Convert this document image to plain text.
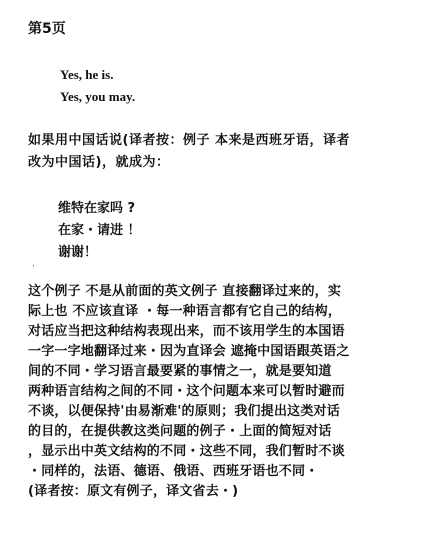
第5页
Yes, he is.
Yes, you may.
如果用中国话说(译者按：例子 本来是西班牙语，译者
改为中国话)，就成为：
维特在家吗 ?
在家・请进 ！
谢谢！
·
这个例子 不是从前面的英文例子 直接翻译过来的，实
际上也 不应该直译 ・每一种语言都有它自己的结构，
对话应当把这种结构表现出来，而不该用学生的本国语
一字一字地翻译过来・因为直译会 遮掩中国语跟英语之
间的不同・学习语言最要紧的事情之一，就是要知道
两种语言结构之间的不同・这个问题本来可以暂时避而
不谈，以便保持'由易渐难'的原则；我们提出这类对话
的目的，在提供教这类问题的例子・上面的简短对话
，显示出中英文结构的不同・这些不同，我们暂时不谈
・同样的，法语、德语、俄语、西班牙语也不同・
(译者按：原文有例子，译文省去・)
